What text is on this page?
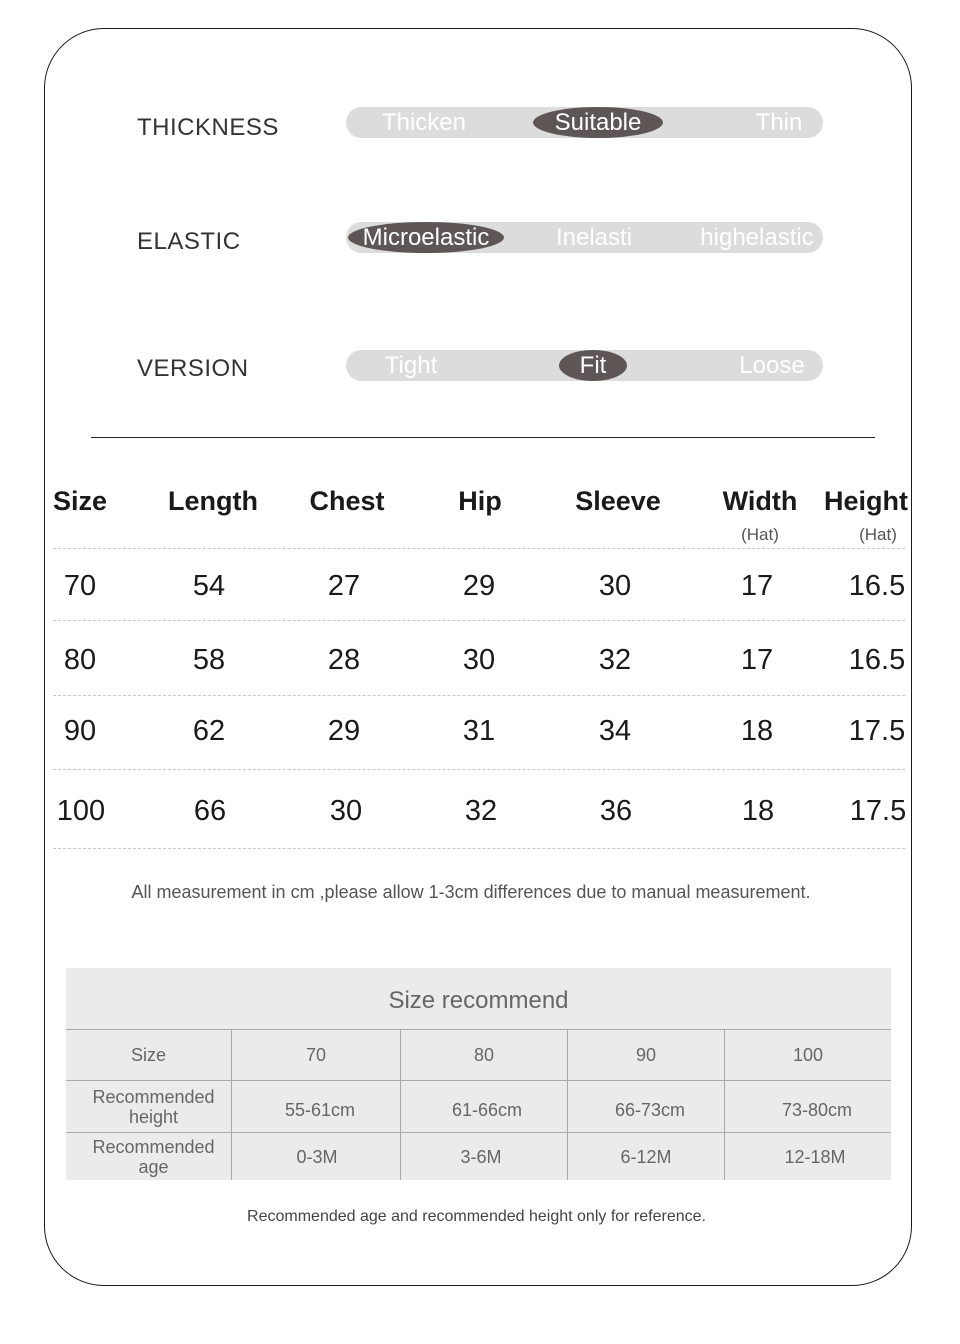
THICKNESS	Thicken	Suitable	Thin
ELASTIC	Microelastic	Inelasti	highelastic
VERSION	Tight	Fit	Loose
Size	Length	Chest	Hip	Sleeve	Width Height
(Hat)	(Hat)
70	54	27	29	30	17	16.5
80	58	28	30	32	17	16.5
90	62	29	31	34	18	17.5
100	66	30	32	36	18	17.5
All measurement in cm ,please allow 1-3cm differences due to manual measurement.
Size recommend
Size	70	80	90	100
Recommended height	55-61cm	61-66cm	66-73cm	73-80cm
Recommended age	0-3M	3-6M	6-12M	12-18M
Recommended age and recommended height only for reference.
